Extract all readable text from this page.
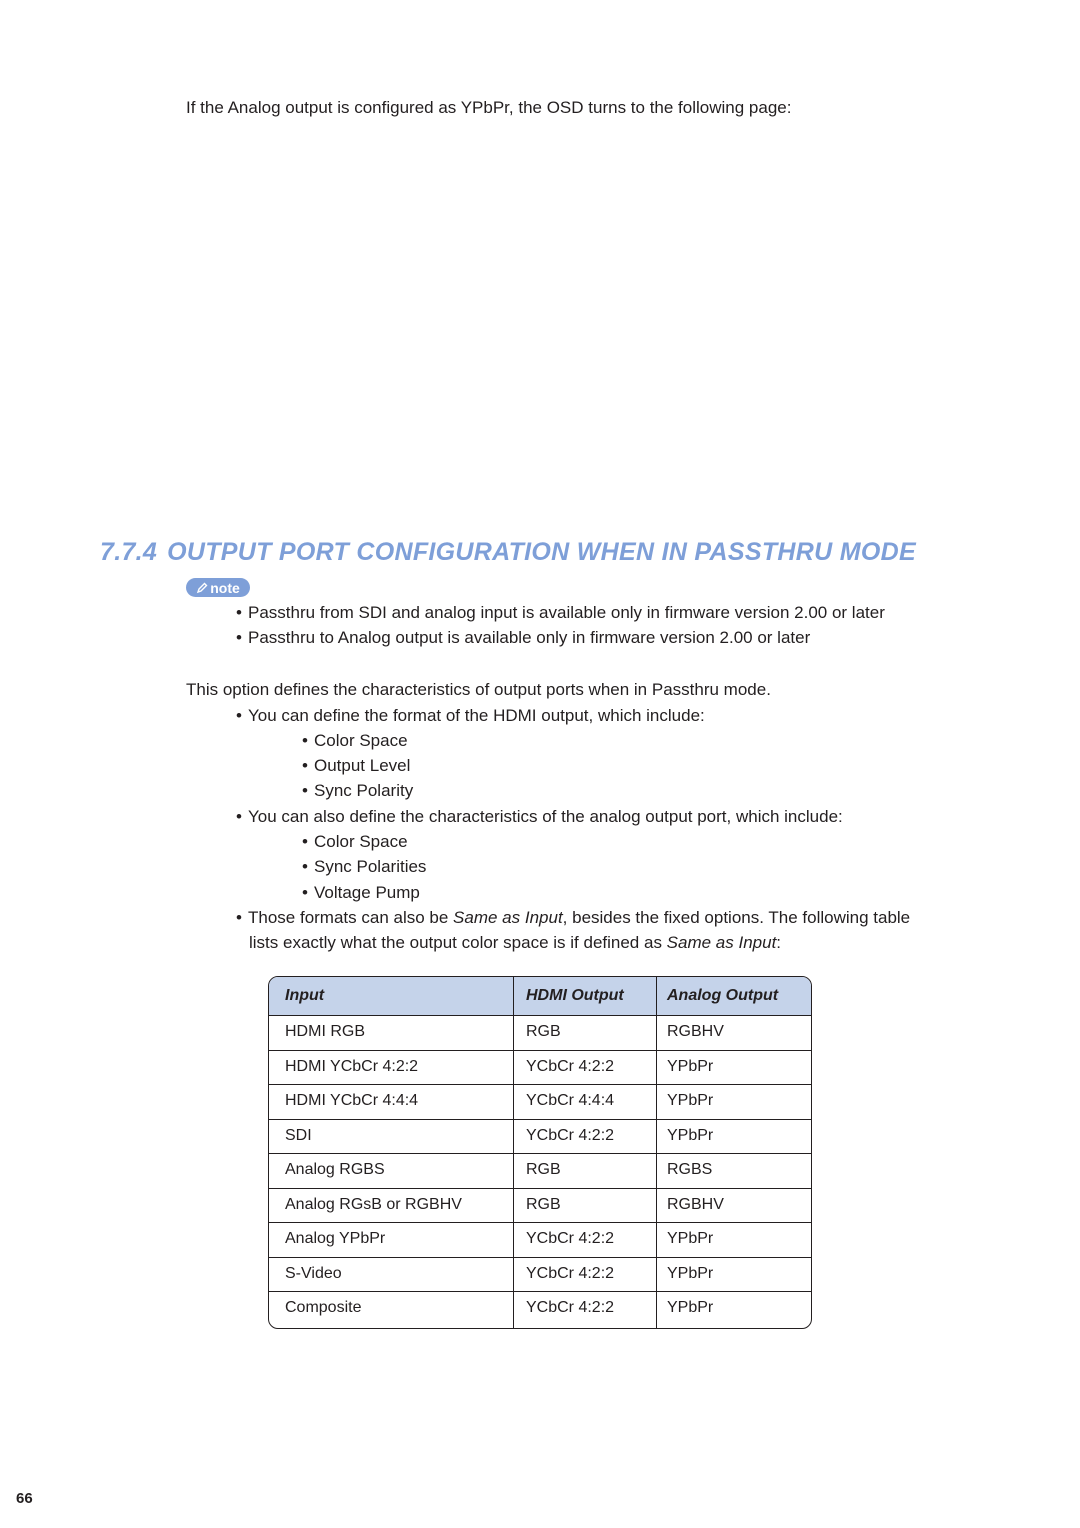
If the Analog output is configured as YPbPr, the OSD turns to the following page:
7.7.4 OUTPUT PORT CONFIGURATION WHEN IN PASSTHRU MODE
note
• Passthru from SDI and analog input is available only in firmware version 2.00 or later
• Passthru to Analog output is available only in firmware version 2.00 or later
This option defines the characteristics of output ports when in Passthru mode.
• You can define the format of the HDMI output, which include:
• Color Space
• Output Level
• Sync Polarity
• You can also define the characteristics of the analog output port, which include:
• Color Space
• Sync Polarities
• Voltage Pump
• Those formats can also be Same as Input, besides the fixed options. The following table
lists exactly what the output color space is if defined as Same as Input:
Input	HDMI Output	Analog Output
HDMI RGB	RGB	RGBHV
HDMI YCbCr 4:2:2	YCbCr 4:2:2	YPbPr
HDMI YCbCr 4:4:4	YCbCr 4:4:4	YPbPr
SDI	YCbCr 4:2:2	YPbPr
Analog RGBS	RGB	RGBS
Analog RGsB or RGBHV	RGB	RGBHV
Analog YPbPr	YCbCr 4:2:2	YPbPr
S-Video	YCbCr 4:2:2	YPbPr
Composite	YCbCr 4:2:2	YPbPr
66
